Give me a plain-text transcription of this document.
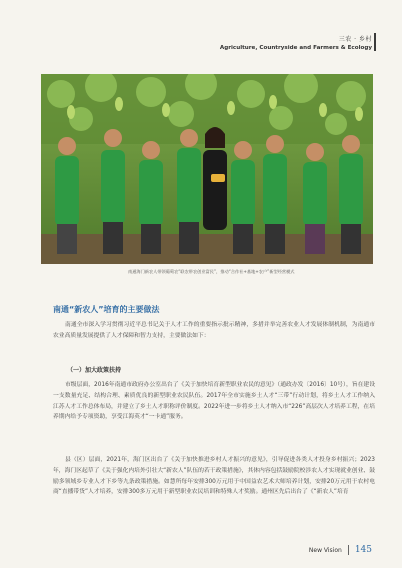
三农 · 乡村
Agriculture, Countryside and Farmers & Ecology
南通海门新农人带领葡萄农“联农带农创业富民”，推动“合作社+基地+农户”新型经营模式
南通“新农人”培育的主要做法
南通全市深入学习贯彻习近平总书记关于人才工作的重要指示批示精神，多措并举完善农业人才发展体制机制，为南通市农业高质量发展提供了人才保障和智力支持，主要做法如下：
（一）加大政策扶持
市级层面，2016年南通市政府办公室出台了《关于加快培育新型职业农民的意见》（通政办发〔2016〕10号），旨在建设一支数量充足、结构合理、素质优良的新型职业农民队伍。2017年全市实施乡土人才“三带”行动计划，将乡土人才工作纳入江苏人才工作总体布局，并建立了乡土人才职称评价制度。2022年进一步将乡土人才纳入市“226”高层次人才培养工程，在培养期内给予专项资助，享受江海英才“一卡通”服务。
县（区）层面，2021年，海门区出台了《关于加快推进乡村人才振兴的意见》，引导促进各类人才投身乡村振兴；2023年，海门区起草了《关于强化内培外引壮大“新农人”队伍的若干政策措施》，其体内容包括鼓励院校涉农人才实现就业创业、鼓励多领域乡专业人才下乡等九条政策措施。如慧所每年安排300万元用于中国益农艺术大师培养计划，安排20万元用于农村电商“直播带货”人才培养，安排300多万元用于新型职业农民培训和特殊人才奖励。通州区先后出台了《“新农人”培育
New Vision 145
